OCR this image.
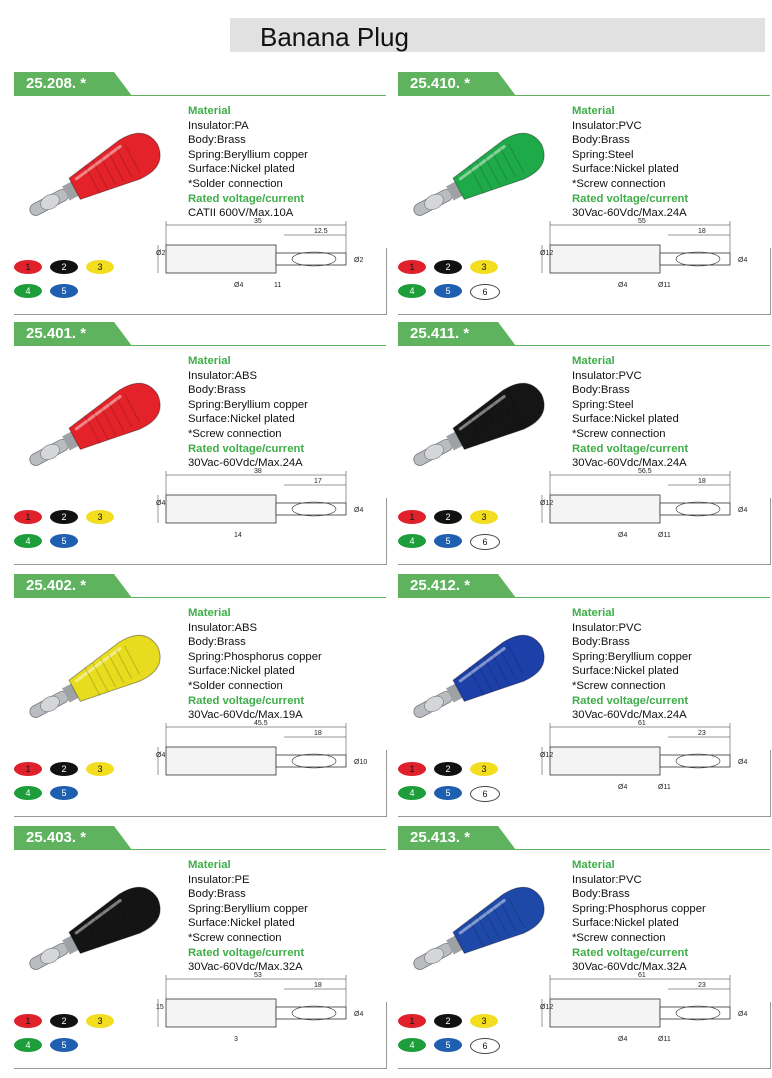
Banana Plug
25.208. *
Material
Insulator:PA
Body:Brass
Spring:Beryllium copper
Surface:Nickel plated
*Solder connection
Rated voltage/current
CATII 600V/Max.10A
35
12.5
Ø2
Ø2
Ø4	11
1	2	3
4	5
25.410. *
Material
Insulator:PVC
Body:Brass
Spring:Steel
Surface:Nickel plated
*Screw connection
Rated voltage/current
30Vac-60Vdc/Max.24A
55
18
Ø4
Ø12
Ø4	Ø11
1	2	3
4	5	6
25.401. *
Material
Insulator:ABS
Body:Brass
Spring:Beryllium copper
Surface:Nickel plated
*Screw connection
Rated voltage/current
30Vac-60Vdc/Max.24A
38
17
Ø4
Ø4
14
1	2	3
4	5
25.411. *
Material
Insulator:PVC
Body:Brass
Spring:Steel
Surface:Nickel plated
*Screw connection
Rated voltage/current
30Vac-60Vdc/Max.24A
56.5
18
Ø4
Ø12
Ø4	Ø11
1	2	3
4	5	6
25.402. *
Material
Insulator:ABS
Body:Brass
Spring:Phosphorus copper
Surface:Nickel plated
*Solder connection
Rated voltage/current
30Vac-60Vdc/Max.19A
45.5
18
Ø10
Ø4
1	2	3
4	5
25.412. *
Material
Insulator:PVC
Body:Brass
Spring:Beryllium copper
Surface:Nickel plated
*Screw connection
Rated voltage/current
30Vac-60Vdc/Max.24A
61
23
Ø4
Ø12
Ø4	Ø11
1	2	3
4	5	6
25.403. *
Material
Insulator:PE
Body:Brass
Spring:Beryllium copper
Surface:Nickel plated
*Screw connection
Rated voltage/current
30Vac-60Vdc/Max.32A
53
18
Ø4
15
3
1	2	3
4	5
25.413. *
Material
Insulator:PVC
Body:Brass
Spring:Phosphorus copper
Surface:Nickel plated
*Screw connection
Rated voltage/current
30Vac-60Vdc/Max.32A
61
23
Ø4
Ø12
Ø4	Ø11
1	2	3
4	5	6
